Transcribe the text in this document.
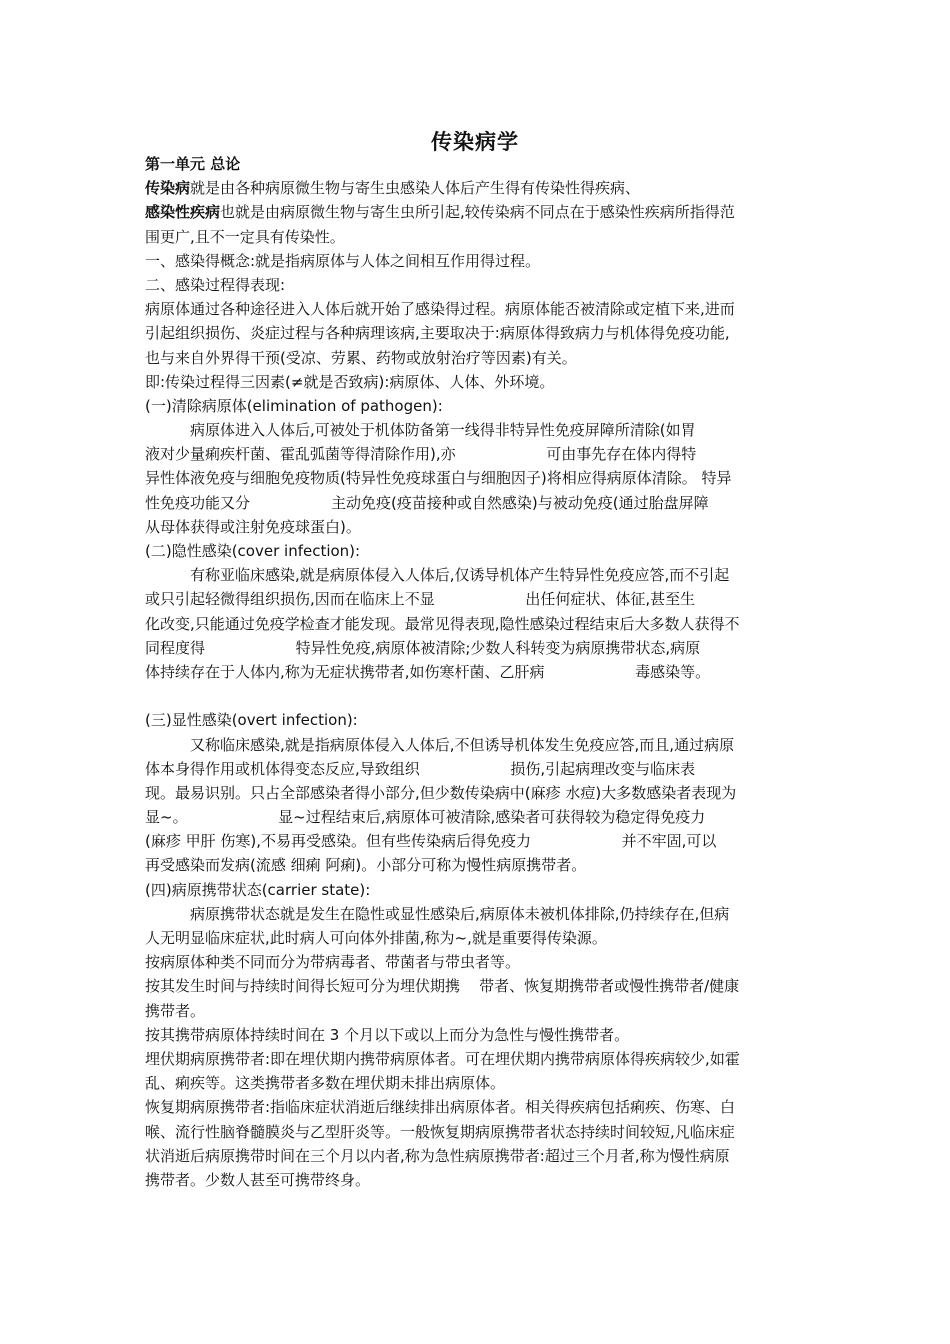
传染病学
第一单元 总论
传染病就是由各种病原微生物与寄生虫感染人体后产生得有传染性得疾病、
感染性疾病也就是由病原微生物与寄生虫所引起,较传染病不同点在于感染性疾病所指得范
围更广,且不一定具有传染性。
一、感染得概念:就是指病原体与人体之间相互作用得过程。
二、感染过程得表现:
病原体通过各种途径进入人体后就开始了感染得过程。病原体能否被清除或定植下来,进而
引起组织损伤、炎症过程与各种病理该病,主要取决于:病原体得致病力与机体得免疫功能,
也与来自外界得干预(受凉、劳累、药物或放射治疗等因素)有关。
即:传染过程得三因素(≠就是否致病):病原体、人体、外环境。
(一)清除病原体(elimination of pathogen):
病原体进入人体后,可被处于机体防备第一线得非特异性免疫屏障所清除(如胃
液对少量痢疾杆菌、霍乱弧菌等得清除作用),亦                   可由事先存在体内得特
异性体液免疫与细胞免疫物质(特异性免疫球蛋白与细胞因子)将相应得病原体清除。 特异
性免疫功能又分                 主动免疫(疫苗接种或自然感染)与被动免疫(通过胎盘屏障
从母体获得或注射免疫球蛋白)。
(二)隐性感染(cover infection):
有称亚临床感染,就是病原体侵入人体后,仅诱导机体产生特异性免疫应答,而不引起
或只引起轻微得组织损伤,因而在临床上不显                   出任何症状、体征,甚至生
化改变,只能通过免疫学检查才能发现。最常见得表现,隐性感染过程结束后大多数人获得不
同程度得                   特异性免疫,病原体被清除;少数人科转变为病原携带状态,病原
体持续存在于人体内,称为无症状携带者,如伤寒杆菌、乙肝病                   毒感染等。
(三)显性感染(overt infection):
又称临床感染,就是指病原体侵入人体后,不但诱导机体发生免疫应答,而且,通过病原
体本身得作用或机体得变态反应,导致组织                   损伤,引起病理改变与临床表
现。最易识别。只占全部感染者得小部分,但少数传染病中(麻疹 水痘)大多数感染者表现为
显~。                   显~过程结束后,病原体可被清除,感染者可获得较为稳定得免疫力
(麻疹 甲肝 伤寒),不易再受感染。但有些传染病后得免疫力                   并不牢固,可以
再受感染而发病(流感 细痢 阿痢)。小部分可称为慢性病原携带者。
(四)病原携带状态(carrier state):
病原携带状态就是发生在隐性或显性感染后,病原体未被机体排除,仍持续存在,但病
人无明显临床症状,此时病人可向体外排菌,称为~,就是重要得传染源。
按病原体种类不同而分为带病毒者、带菌者与带虫者等。
按其发生时间与持续时间得长短可分为埋伏期携    带者、恢复期携带者或慢性携带者/健康
携带者。
按其携带病原体持续时间在 3 个月以下或以上而分为急性与慢性携带者。
埋伏期病原携带者:即在埋伏期内携带病原体者。可在埋伏期内携带病原体得疾病较少,如霍
乱、痢疾等。这类携带者多数在埋伏期未排出病原体。
恢复期病原携带者:指临床症状消逝后继续排出病原体者。相关得疾病包括痢疾、伤寒、白
喉、流行性脑脊髓膜炎与乙型肝炎等。一般恢复期病原携带者状态持续时间较短,凡临床症
状消逝后病原携带时间在三个月以内者,称为急性病原携带者:超过三个月者,称为慢性病原
携带者。少数人甚至可携带终身。
